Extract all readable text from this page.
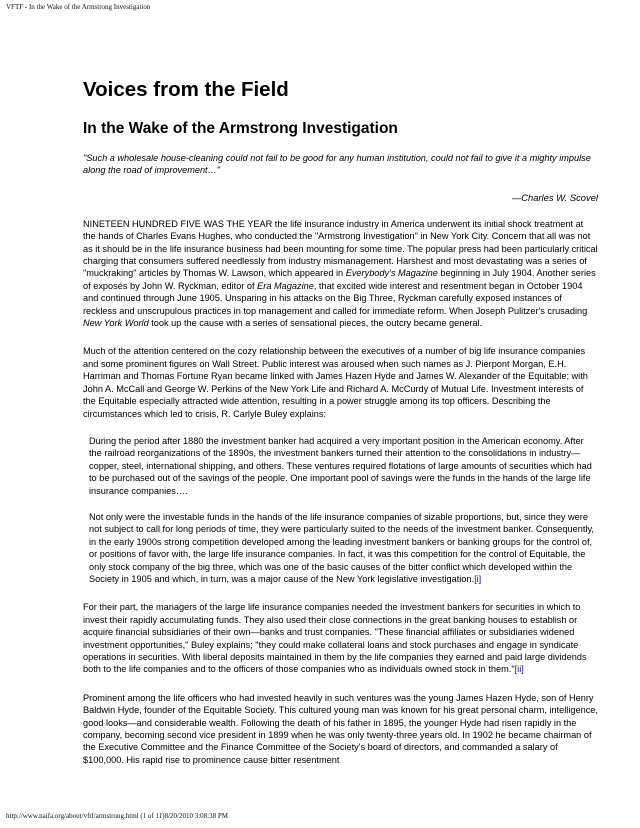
VFTF - In the Wake of the Armstrong Investigation
Voices from the Field
In the Wake of the Armstrong Investigation

"Such a wholesale house-cleaning could not fail to be good for any human institution, could not fail to give it a mighty impulse along the road of improvement…"

—Charles W. Scovel

NINETEEN HUNDRED FIVE WAS THE YEAR the life insurance industry in America underwent its initial shock treatment at the hands of Charles Evans Hughes, who conducted the "Armstrong Investigation" in New York City. Concern that all was not as it should be in the life insurance business had been mounting for some time. The popular press had been particularly critical charging that consumers suffered needlessly from industry mismanagement. Harshest and most devastating was a series of "muckraking" articles by Thomas W. Lawson, which appeared in Everybody's Magazine beginning in July 1904. Another series of exposés by John W. Ryckman, editor of Era Magazine, that excited wide interest and resentment began in October 1904 and continued through June 1905. Unsparing in his attacks on the Big Three, Ryckman carefully exposed instances of reckless and unscrupulous practices in top management and called for immediate reform. When Joseph Pulitzer's crusading New York World took up the cause with a series of sensational pieces, the outcry became general.

Much of the attention centered on the cozy relationship between the executives of a number of big life insurance companies and some prominent figures on Wall Street. Public interest was aroused when such names as J. Pierpont Morgan, E.H. Harriman and Thomas Fortune Ryan became linked with James Hazen Hyde and James W. Alexander of the Equitable; with John A. McCall and George W. Perkins of the New York Life and Richard A. McCurdy of Mutual Life. Investment interests of the Equitable especially attracted wide attention, resulting in a power struggle among its top officers. Describing the circumstances which led to crisis, R. Carlyle Buley explains:

During the period after 1880 the investment banker had acquired a very important position in the American economy. After the railroad reorganizations of the 1890s, the investment bankers turned their attention to the consolidations in industry—copper, steel, international shipping, and others. These ventures required flotations of large amounts of securities which had to be purchased out of the savings of the people. One important pool of savings were the funds in the hands of the large life insurance companies….

Not only were the investable funds in the hands of the life insurance companies of sizable proportions, but, since they were not subject to call for long periods of time, they were particularly suited to the needs of the investment banker. Consequently, in the early 1900s strong competition developed among the leading investment bankers or banking groups for the control of, or positions of favor with, the large life insurance companies. In fact, it was this competition for the control of Equitable, the only stock company of the big three, which was one of the basic causes of the bitter conflict which developed within the Society in 1905 and which, in turn, was a major cause of the New York legislative investigation.[i]

For their part, the managers of the large life insurance companies needed the investment bankers for securities in which to invest their rapidly accumulating funds. They also used their close connections in the great banking houses to establish or acquire financial subsidiaries of their own—banks and trust companies. "These financial affiliates or subsidiaries widened investment opportunities," Buley explains; "they could make collateral loans and stock purchases and engage in syndicate operations in securities. With liberal deposits maintained in them by the life companies they earned and paid large dividends both to the life companies and to the officers of those companies who as individuals owned stock in them."[ii]

Prominent among the life officers who had invested heavily in such ventures was the young James Hazen Hyde, son of Henry Baldwin Hyde, founder of the Equitable Society. This cultured young man was known for his great personal charm, intelligence, good looks—and considerable wealth. Following the death of his father in 1895, the younger Hyde had risen rapidly in the company, becoming second vice president in 1899 when he was only twenty-three years old. In 1902 he became chairman of the Executive Committee and the Finance Committee of the Society's board of directors, and commanded a salary of $100,000. His rapid rise to prominence cause bitter resentment

http://www.naifa.org/about/vftf/armstrong.html (1 of 11)8/20/2010 3:08:38 PM
